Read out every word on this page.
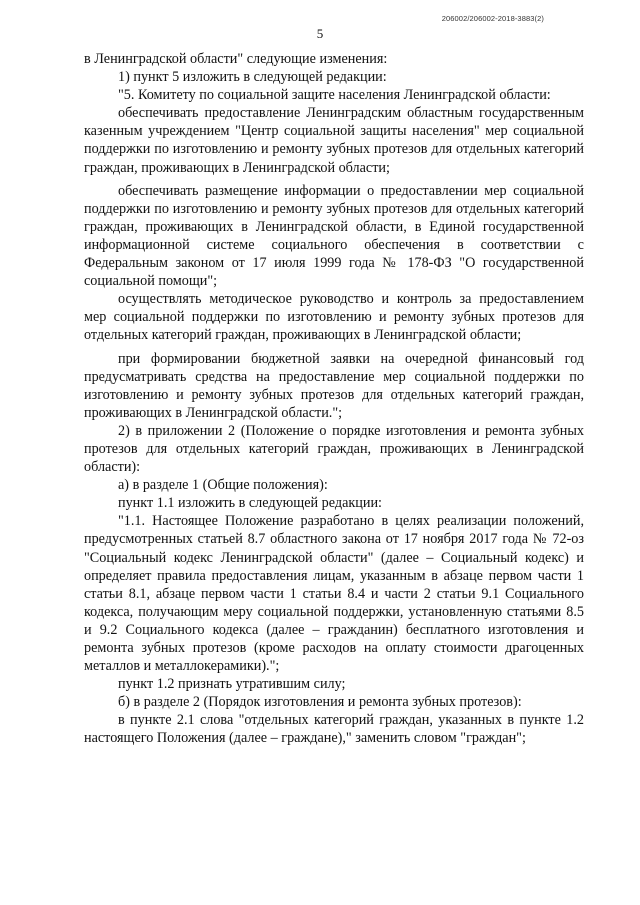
206002/206002-2018-3883(2)
5

в Ленинградской области" следующие изменения:

1) пункт 5 изложить в следующей редакции:

"5. Комитету по социальной защите населения Ленинградской области:

обеспечивать предоставление Ленинградским областным государственным казенным учреждением "Центр социальной защиты населения" мер социальной поддержки по изготовлению и ремонту зубных протезов для отдельных категорий граждан, проживающих в Ленинградской области;

обеспечивать размещение информации о предоставлении мер социальной поддержки по изготовлению и ремонту зубных протезов для отдельных категорий граждан, проживающих в Ленинградской области, в Единой государственной информационной системе социального обеспечения в соответствии с Федеральным законом от 17 июля 1999 года № 178-ФЗ "О государственной социальной помощи";

осуществлять методическое руководство и контроль за предоставлением мер социальной поддержки по изготовлению и ремонту зубных протезов для отдельных категорий граждан, проживающих в Ленинградской области;

при формировании бюджетной заявки на очередной финансовый год предусматривать средства на предоставление мер социальной поддержки по изготовлению и ремонту зубных протезов для отдельных категорий граждан, проживающих в Ленинградской области.";

2) в приложении 2 (Положение о порядке изготовления и ремонта зубных протезов для отдельных категорий граждан, проживающих в Ленинградской области):

а) в разделе 1 (Общие положения):

пункт 1.1 изложить в следующей редакции:

"1.1. Настоящее Положение разработано в целях реализации положений, предусмотренных статьей 8.7 областного закона от 17 ноября 2017 года № 72-оз "Социальный кодекс Ленинградской области" (далее – Социальный кодекс) и определяет правила предоставления лицам, указанным в абзаце первом части 1 статьи 8.1, абзаце первом части 1 статьи 8.4 и части 2 статьи 9.1 Социального кодекса, получающим меру социальной поддержки, установленную статьями 8.5 и 9.2 Социального кодекса (далее – гражданин) бесплатного изготовления и ремонта зубных протезов (кроме расходов на оплату стоимости драгоценных металлов и металлокерамики).";

пункт 1.2 признать утратившим силу;

б) в разделе 2 (Порядок изготовления и ремонта зубных протезов):

в пункте 2.1 слова "отдельных категорий граждан, указанных в пункте 1.2 настоящего Положения (далее – граждане)," заменить словом "граждан";
